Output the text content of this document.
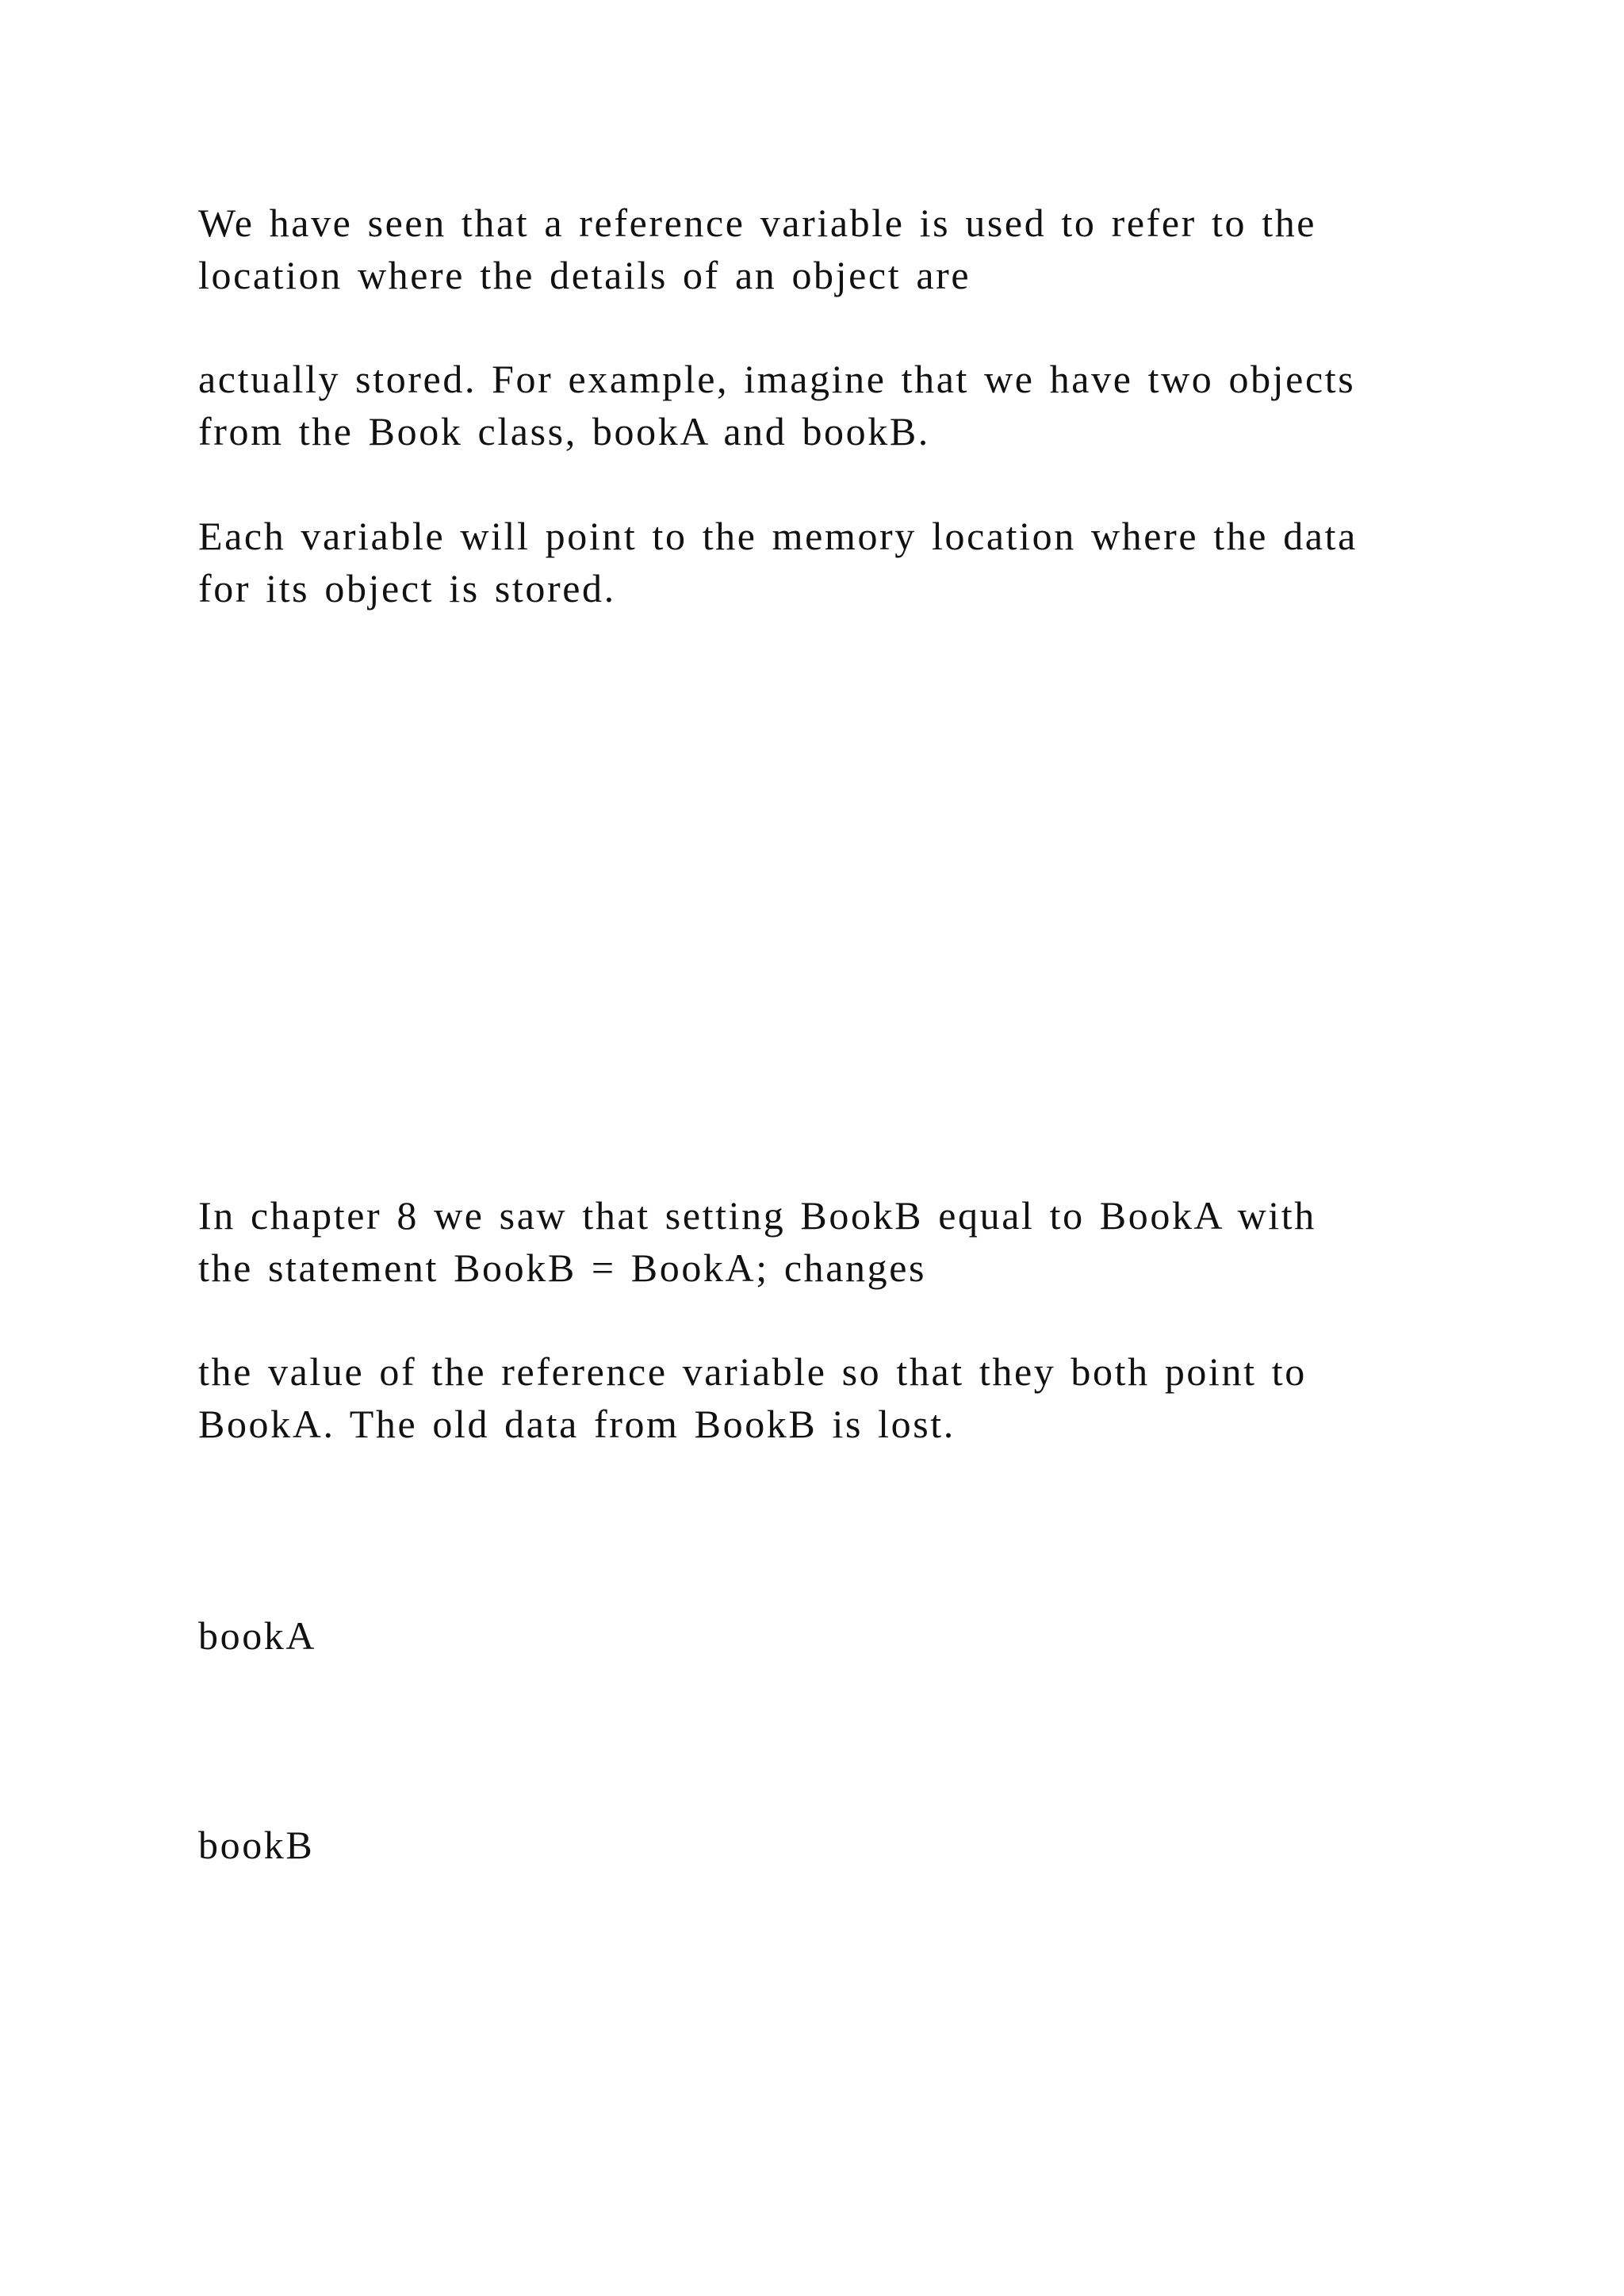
We have seen that a reference variable is used to refer to the
location where the details of an object are

actually stored. For example, imagine that we have two objects
from the Book class, bookA and bookB.

Each variable will point to the memory location where the data
for its object is stored.

In chapter 8 we saw that setting BookB equal to BookA with
the statement BookB = BookA; changes

the value of the reference variable so that they both point to
BookA. The old data from BookB is lost.

bookA

bookB
